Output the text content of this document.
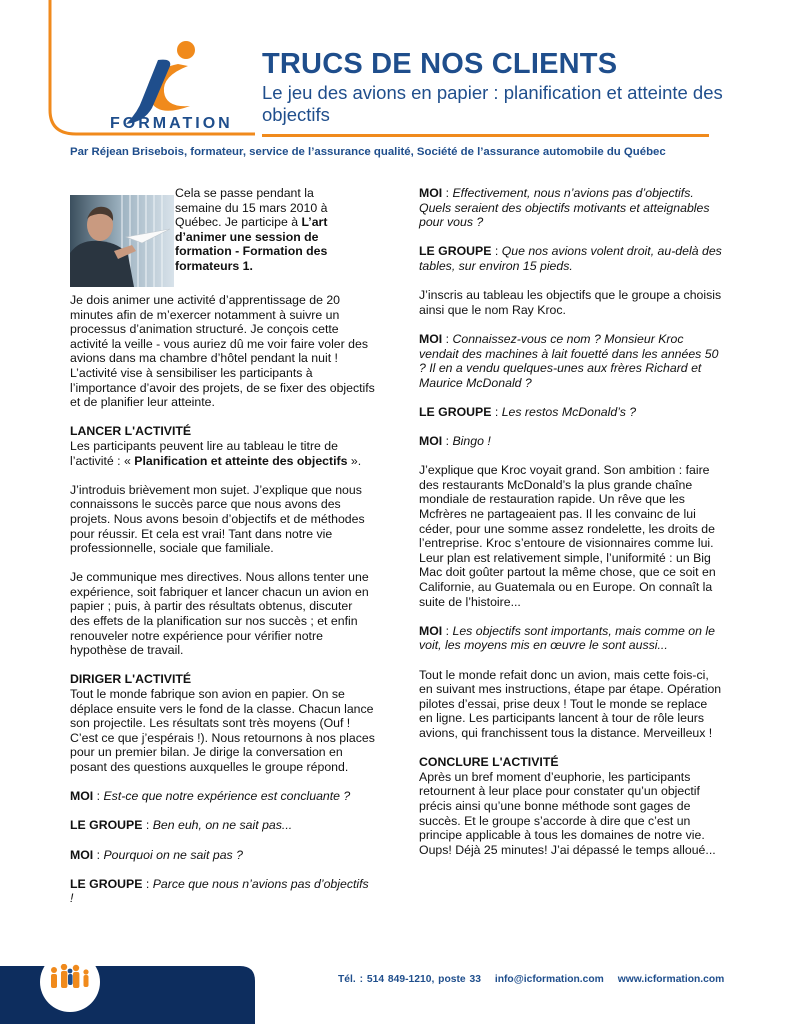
FORMATION
TRUCS DE NOS CLIENTS
Le jeu des avions en papier : planification et atteinte des objectifs
Par Réjean Brisebois, formateur, service de l’assurance qualité, Société de l’assurance automobile du Québec
Cela se passe pendant la semaine du 15 mars 2010 à Québec. Je participe à L’art d’animer une session de formation - Formation des formateurs 1.

Je dois animer une activité d’apprentissage de 20 minutes afin de m’exercer notamment à suivre un processus d’animation structuré. Je conçois cette activité la veille - vous auriez dû me voir faire voler des avions dans ma chambre d’hôtel pendant la nuit ! L’activité vise à sensibiliser les participants à l’importance d’avoir des projets, de se fixer des objectifs et de planifier leur atteinte.

LANCER L'ACTIVITÉ

Les participants peuvent lire au tableau le titre de l’activité : « Planification et atteinte des objectifs ».

J’introduis brièvement mon sujet. J’explique que nous connaissons le succès parce que nous avons des projets. Nous avons besoin d’objectifs et de méthodes pour réussir. Et cela est vrai! Tant dans notre vie professionnelle, sociale que familiale.

Je communique mes directives. Nous allons tenter une expérience, soit fabriquer et lancer chacun un avion en papier ; puis, à partir des résultats obtenus, discuter des effets de la planification sur nos succès ; et enfin renouveler notre expérience pour vérifier notre hypothèse de travail.

DIRIGER L'ACTIVITÉ

Tout le monde fabrique son avion en papier. On se déplace ensuite vers le fond de la classe. Chacun lance son projectile. Les résultats sont très moyens (Ouf ! C’est ce que j’espérais !). Nous retournons à nos places pour un premier bilan. Je dirige la conversation en posant des questions auxquelles le groupe répond.

MOI : Est-ce que notre expérience est concluante ?

LE GROUPE : Ben euh, on ne sait pas...

MOI : Pourquoi on ne sait pas ?

LE GROUPE : Parce que nous n’avions pas d’objectifs !

MOI : Effectivement, nous n’avions pas d’objectifs. Quels seraient des objectifs motivants et atteignables pour vous ?

LE GROUPE : Que nos avions volent droit, au-delà des tables, sur environ 15 pieds.

J’inscris au tableau les objectifs que le groupe a choisis ainsi que le nom Ray Kroc.

MOI : Connaissez-vous ce nom ? Monsieur Kroc vendait des machines à lait fouetté dans les années 50 ? Il en a vendu quelques-unes aux frères Richard et Maurice McDonald ?

LE GROUPE : Les restos McDonald’s ?

MOI : Bingo !

J’explique que Kroc voyait grand. Son ambition : faire des restaurants McDonald’s la plus grande chaîne mondiale de restauration rapide. Un rêve que les Mcfrères ne partageaient pas. Il les convainc de lui céder, pour une somme assez rondelette, les droits de l’entreprise. Kroc s’entoure de visionnaires comme lui. Leur plan est relativement simple, l’uniformité : un Big Mac doit goûter partout la même chose, que ce soit en Californie, au Guatemala ou en Europe. On connaît la suite de l’histoire...

MOI : Les objectifs sont importants, mais comme on le voit, les moyens mis en œuvre le sont aussi...

Tout le monde refait donc un avion, mais cette fois-ci, en suivant mes instructions, étape par étape. Opération pilotes d’essai, prise deux ! Tout le monde se replace en ligne. Les participants lancent à tour de rôle leurs avions, qui franchissent tous la distance. Merveilleux !

CONCLURE L'ACTIVITÉ

Après un bref moment d’euphorie, les participants retournent à leur place pour constater qu’un objectif précis ainsi qu’une bonne méthode sont gages de succès. Et le groupe s’accorde à dire que c’est un principe applicable à tous les domaines de notre vie. Oups! Déjà 25 minutes! J’ai dépassé le temps alloué...

Tél. : 514 849-1210, poste 33 info@icformation.com www.icformation.com
